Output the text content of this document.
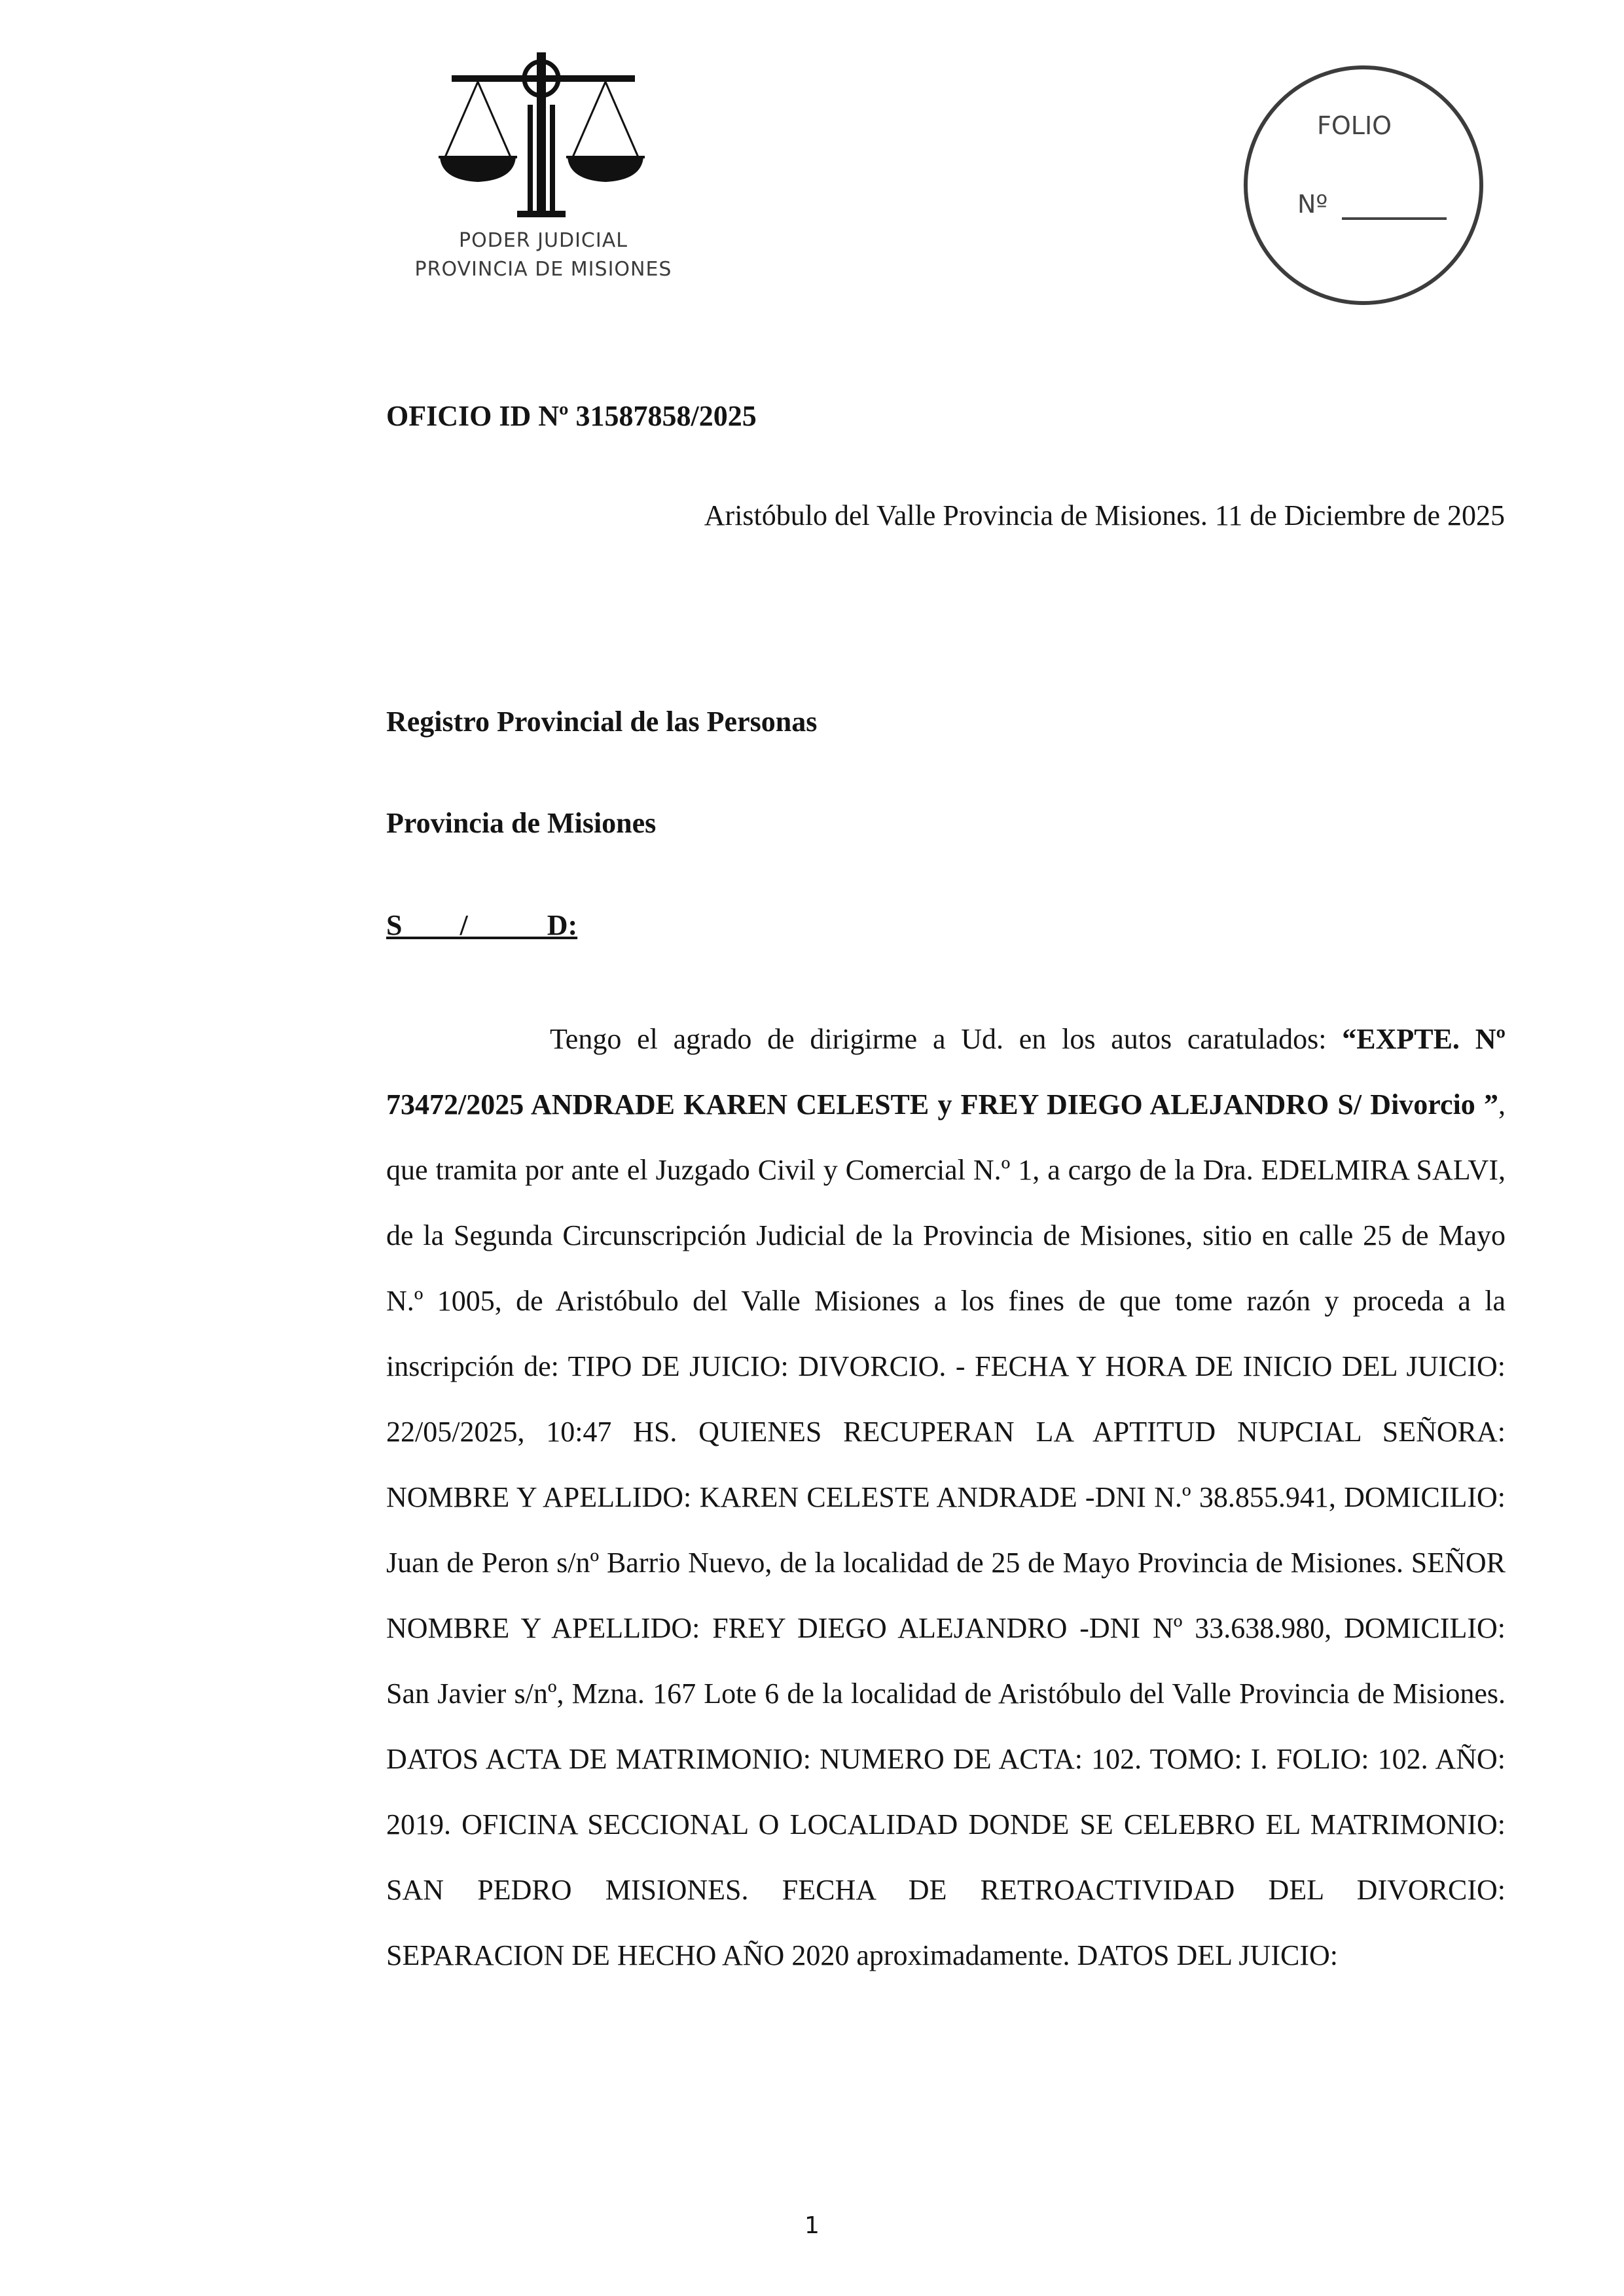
PODER JUDICIAL
PROVINCIA DE MISIONES
FOLIO
Nº
OFICIO ID Nº 31587858/2025
Aristóbulo del Valle Provincia de Misiones. 11 de Diciembre de 2025
Registro Provincial de las Personas
Provincia de Misiones
S        /           D:
Tengo el agrado de dirigirme a Ud. en los autos caratulados: “EXPTE. Nº 73472/2025 ANDRADE KAREN CELESTE y FREY DIEGO ALEJANDRO S/ Divorcio ”, que tramita por ante el Juzgado Civil y Comercial N.º 1, a cargo de la Dra. EDELMIRA SALVI, de la Segunda Circunscripción Judicial de la Provincia de Misiones, sitio en calle 25 de Mayo N.º 1005, de Aristóbulo del Valle Misiones a los fines de que tome razón y proceda a la inscripción de: TIPO DE JUICIO: DIVORCIO. - FECHA Y HORA DE INICIO DEL JUICIO: 22/05/2025, 10:47 HS. QUIENES RECUPERAN LA APTITUD NUPCIAL SEÑORA: NOMBRE Y APELLIDO: KAREN CELESTE ANDRADE -DNI N.º 38.855.941, DOMICILIO: Juan de Peron s/nº Barrio Nuevo, de la localidad de 25 de Mayo Provincia de Misiones. SEÑOR NOMBRE Y APELLIDO: FREY DIEGO ALEJANDRO -DNI Nº 33.638.980, DOMICILIO: San Javier s/nº, Mzna. 167 Lote 6 de la localidad de Aristóbulo del Valle Provincia de Misiones. DATOS ACTA DE MATRIMONIO: NUMERO DE ACTA: 102. TOMO: I. FOLIO: 102. AÑO: 2019. OFICINA SECCIONAL O LOCALIDAD DONDE SE CELEBRO EL MATRIMONIO: SAN PEDRO MISIONES. FECHA DE RETROACTIVIDAD DEL DIVORCIO: SEPARACION DE HECHO AÑO 2020 aproximadamente. DATOS DEL JUICIO:
1
